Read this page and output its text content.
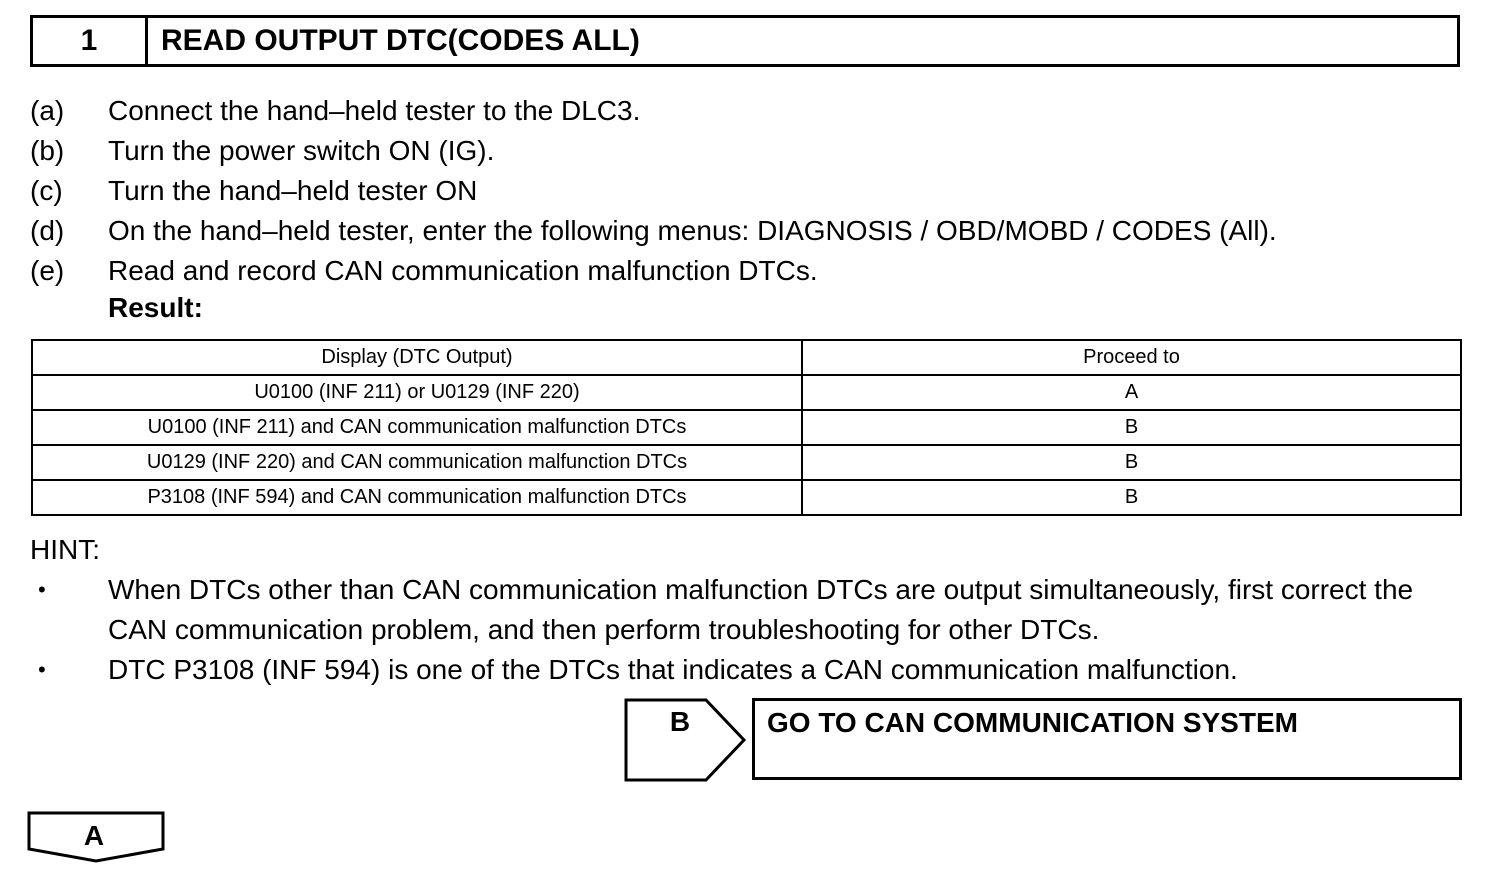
1	READ OUTPUT DTC(CODES ALL)
(a)	Connect the hand–held tester to the DLC3.
(b)	Turn the power switch ON (IG).
(c)	Turn the hand–held tester ON
(d)	On the hand–held tester, enter the following menus: DIAGNOSIS / OBD/MOBD / CODES (All).
(e)	Read and record CAN communication malfunction DTCs.
Result:
Display (DTC Output)	Proceed to
U0100 (INF 211) or U0129 (INF 220)	A
U0100 (INF 211) and CAN communication malfunction DTCs	B
U0129 (INF 220) and CAN communication malfunction DTCs	B
P3108 (INF 594) and CAN communication malfunction DTCs	B
HINT:
•	When DTCs other than CAN communication malfunction DTCs are output simultaneously, first correct the CAN communication problem, and then perform troubleshooting for other DTCs.
•	DTC P3108 (INF 594) is one of the DTCs that indicates a CAN communication malfunction.
B	GO TO CAN COMMUNICATION SYSTEM
A
